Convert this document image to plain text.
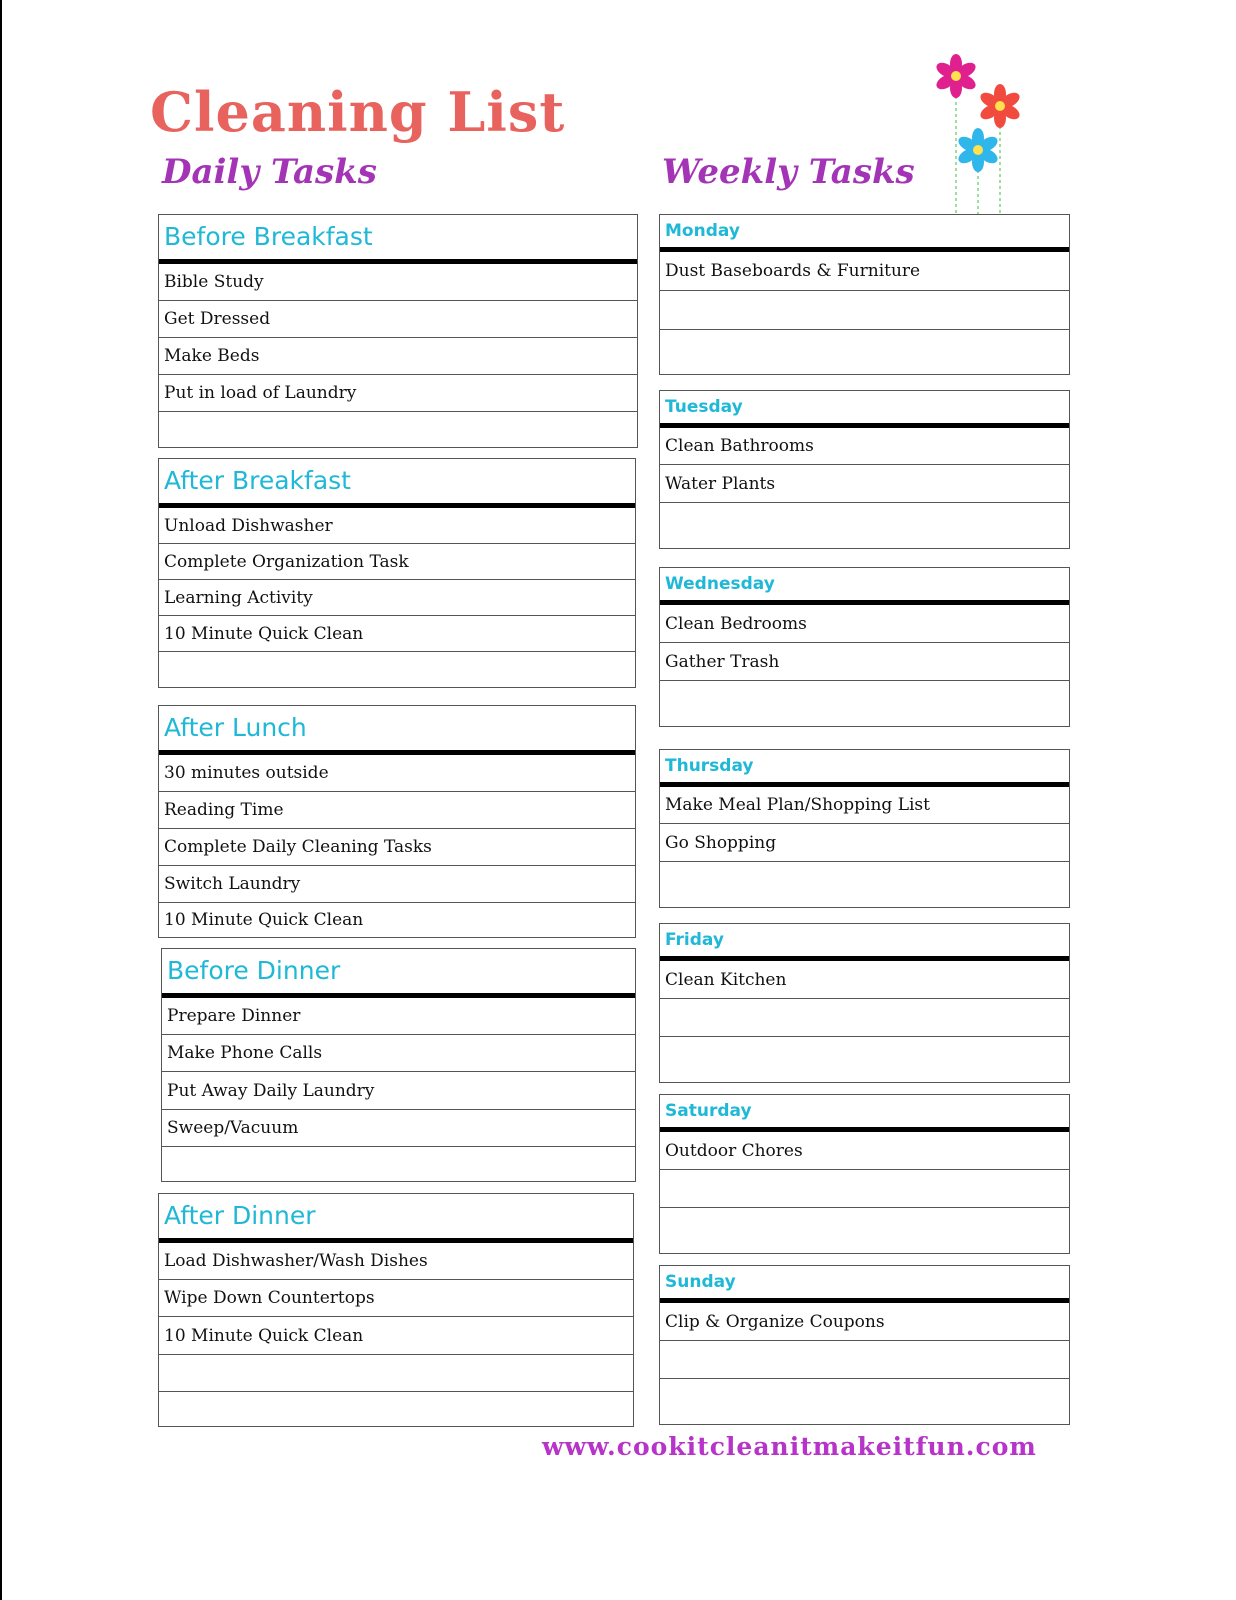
Cleaning List
Daily Tasks	Weekly Tasks
Before Breakfast
Bible Study
Get Dressed
Make Beds
Put in load of Laundry
After Breakfast
Unload Dishwasher
Complete Organization Task
Learning Activity
10 Minute Quick Clean
After Lunch
30 minutes outside
Reading Time
Complete Daily Cleaning Tasks
Switch Laundry
10 Minute Quick Clean
Before Dinner
Prepare Dinner
Make Phone Calls
Put Away Daily Laundry
Sweep/Vacuum
After Dinner
Load Dishwasher/Wash Dishes
Wipe Down Countertops
10 Minute Quick Clean
Monday
Dust Baseboards & Furniture
Tuesday
Clean Bathrooms
Water Plants
Wednesday
Clean Bedrooms
Gather Trash
Thursday
Make Meal Plan/Shopping List
Go Shopping
Friday
Clean Kitchen
Saturday
Outdoor Chores
Sunday
Clip & Organize Coupons

www.cookitcleanitmakeitfun.com
